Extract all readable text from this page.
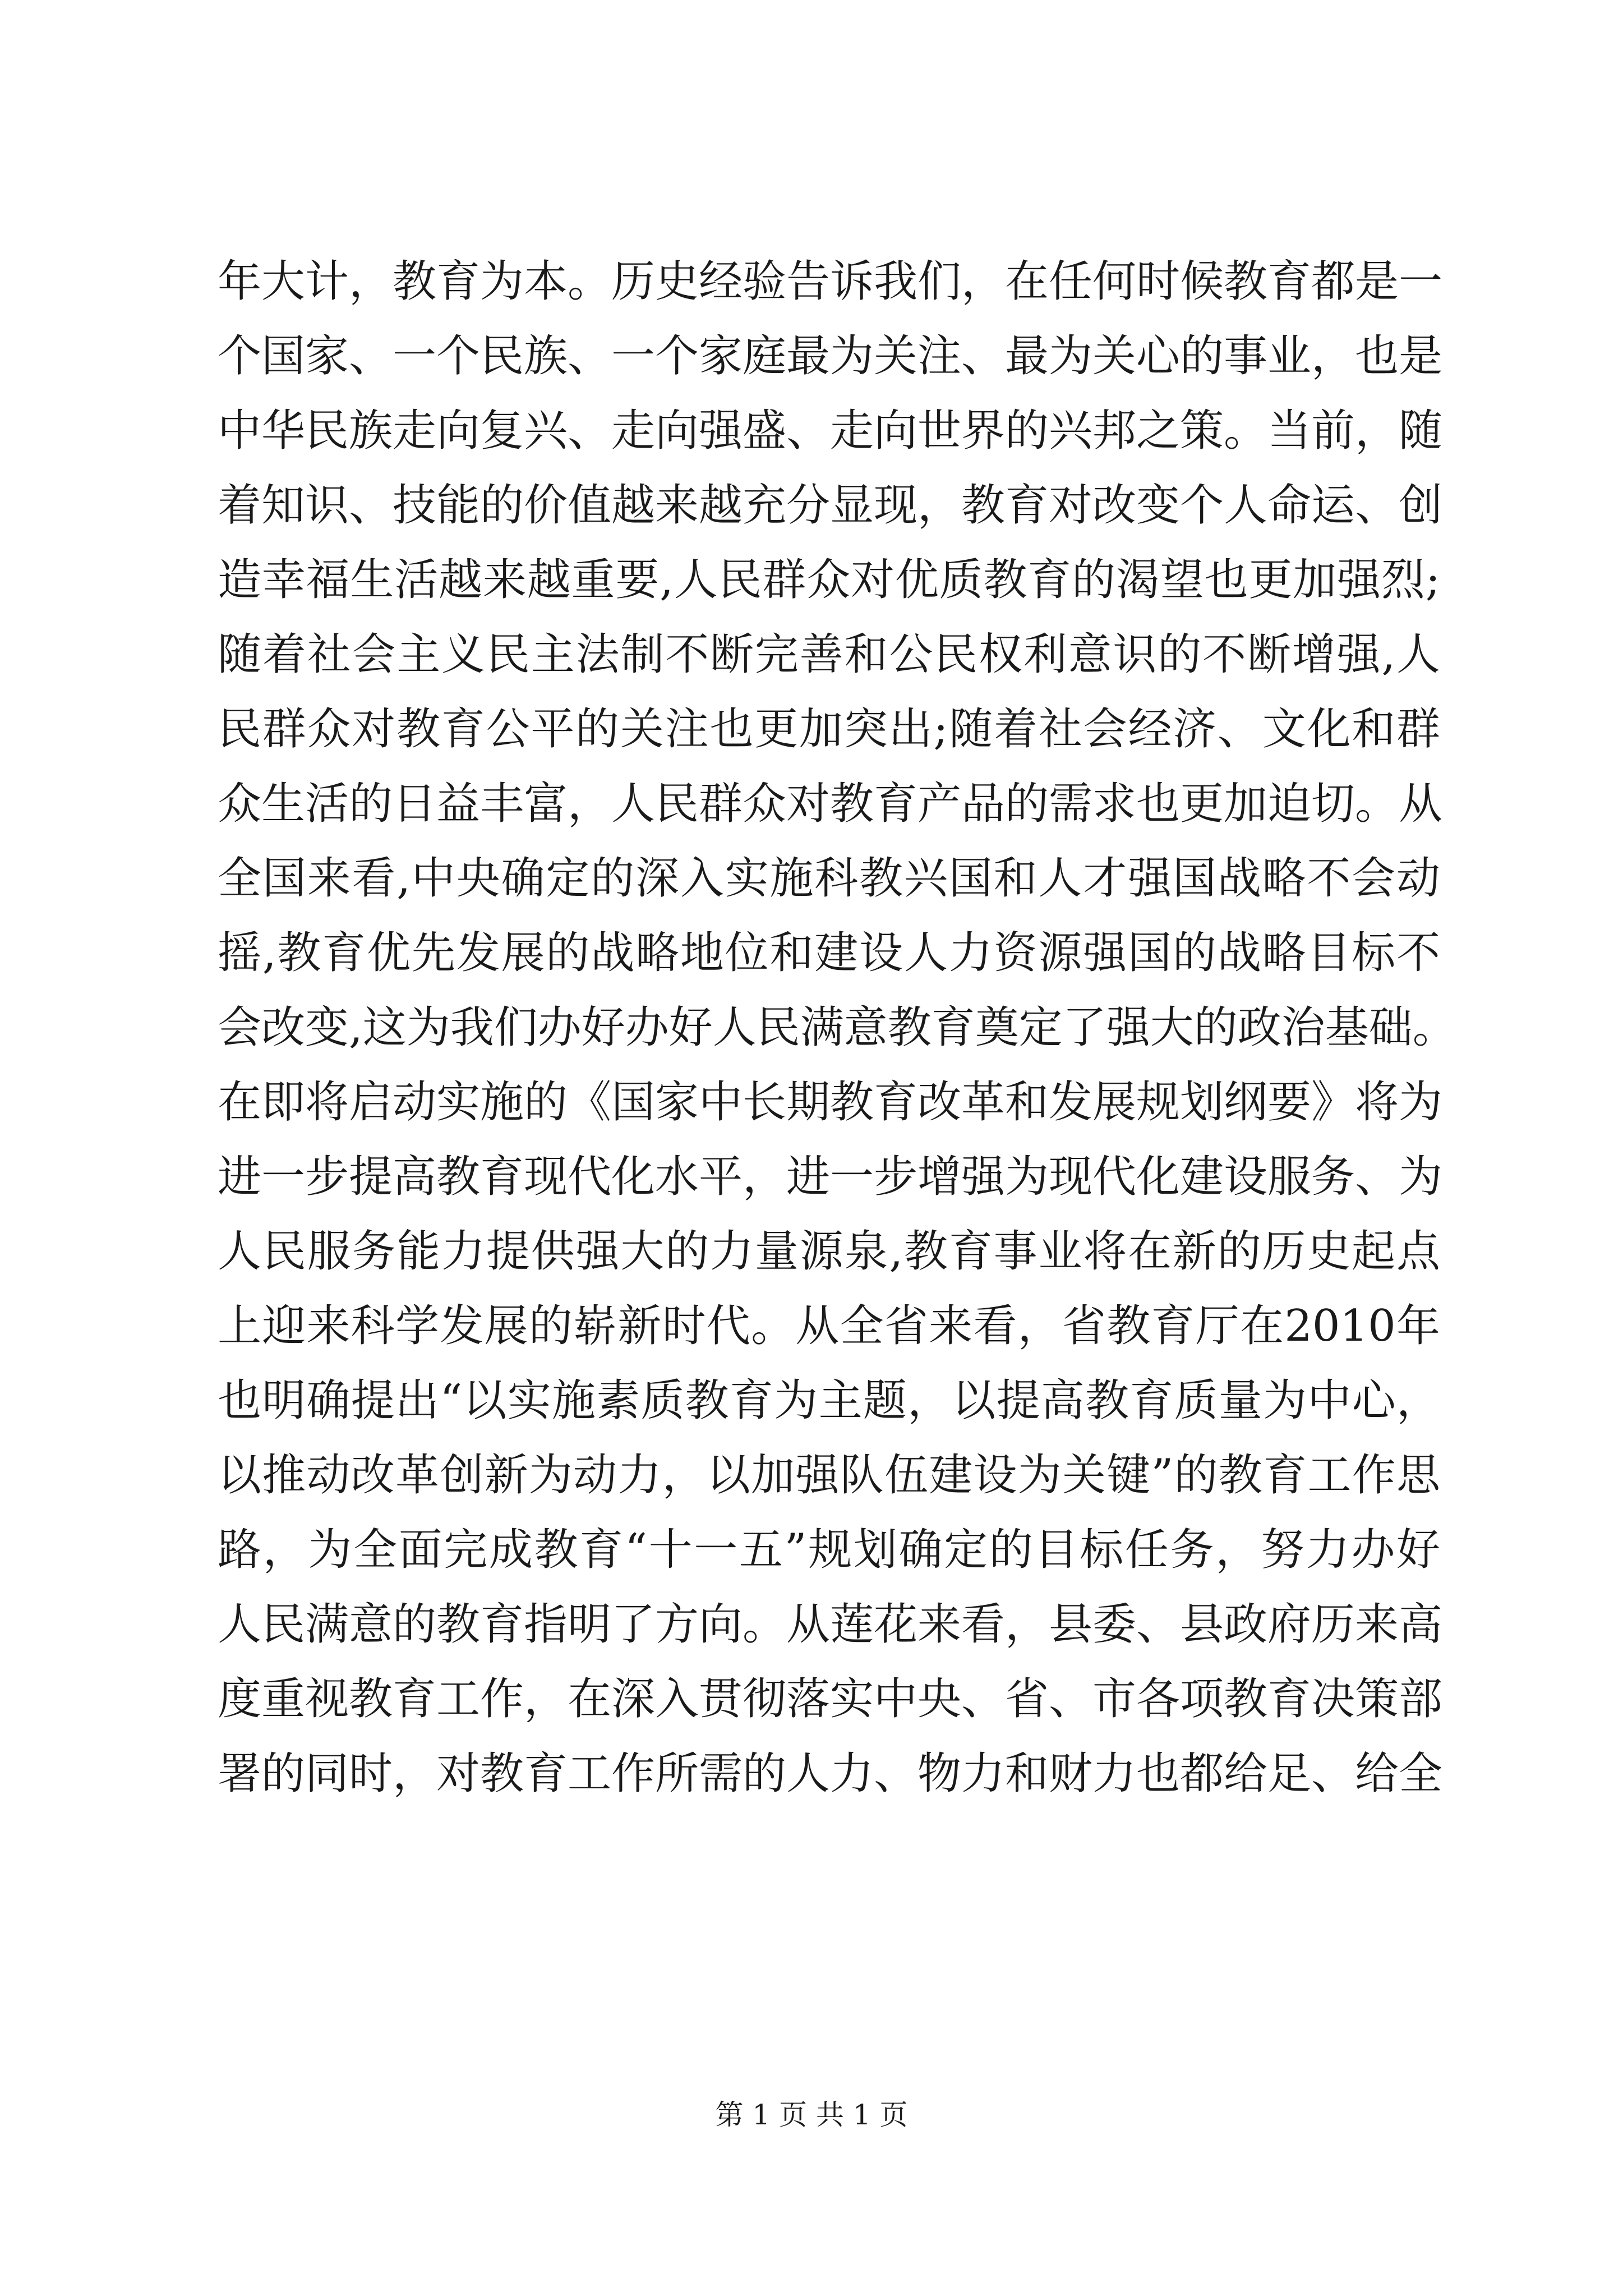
年大计，教育为本。历史经验告诉我们，在任何时候教育都是一
个国家、一个民族、一个家庭最为关注、最为关心的事业，也是
中华民族走向复兴、走向强盛、走向世界的兴邦之策。当前，随
着知识、技能的价值越来越充分显现，教育对改变个人命运、创
造幸福生活越来越重要,人民群众对优质教育的渴望也更加强烈;
随着社会主义民主法制不断完善和公民权利意识的不断增强,人
民群众对教育公平的关注也更加突出;随着社会经济、文化和群
众生活的日益丰富，人民群众对教育产品的需求也更加迫切。从
全国来看,中央确定的深入实施科教兴国和人才强国战略不会动
摇,教育优先发展的战略地位和建设人力资源强国的战略目标不
会改变,这为我们办好办好人民满意教育奠定了强大的政治基础。
在即将启动实施的《国家中长期教育改革和发展规划纲要》将为
进一步提高教育现代化水平，进一步增强为现代化建设服务、为
人民服务能力提供强大的力量源泉,教育事业将在新的历史起点
上迎来科学发展的崭新时代。从全省来看，省教育厅在2010年
也明确提出“以实施素质教育为主题，以提高教育质量为中心，
以推动改革创新为动力，以加强队伍建设为关键”的教育工作思
路，为全面完成教育“十一五”规划确定的目标任务，努力办好
人民满意的教育指明了方向。从莲花来看，县委、县政府历来高
度重视教育工作，在深入贯彻落实中央、省、市各项教育决策部
署的同时，对教育工作所需的人力、物力和财力也都给足、给全
第 1 页 共 1 页
